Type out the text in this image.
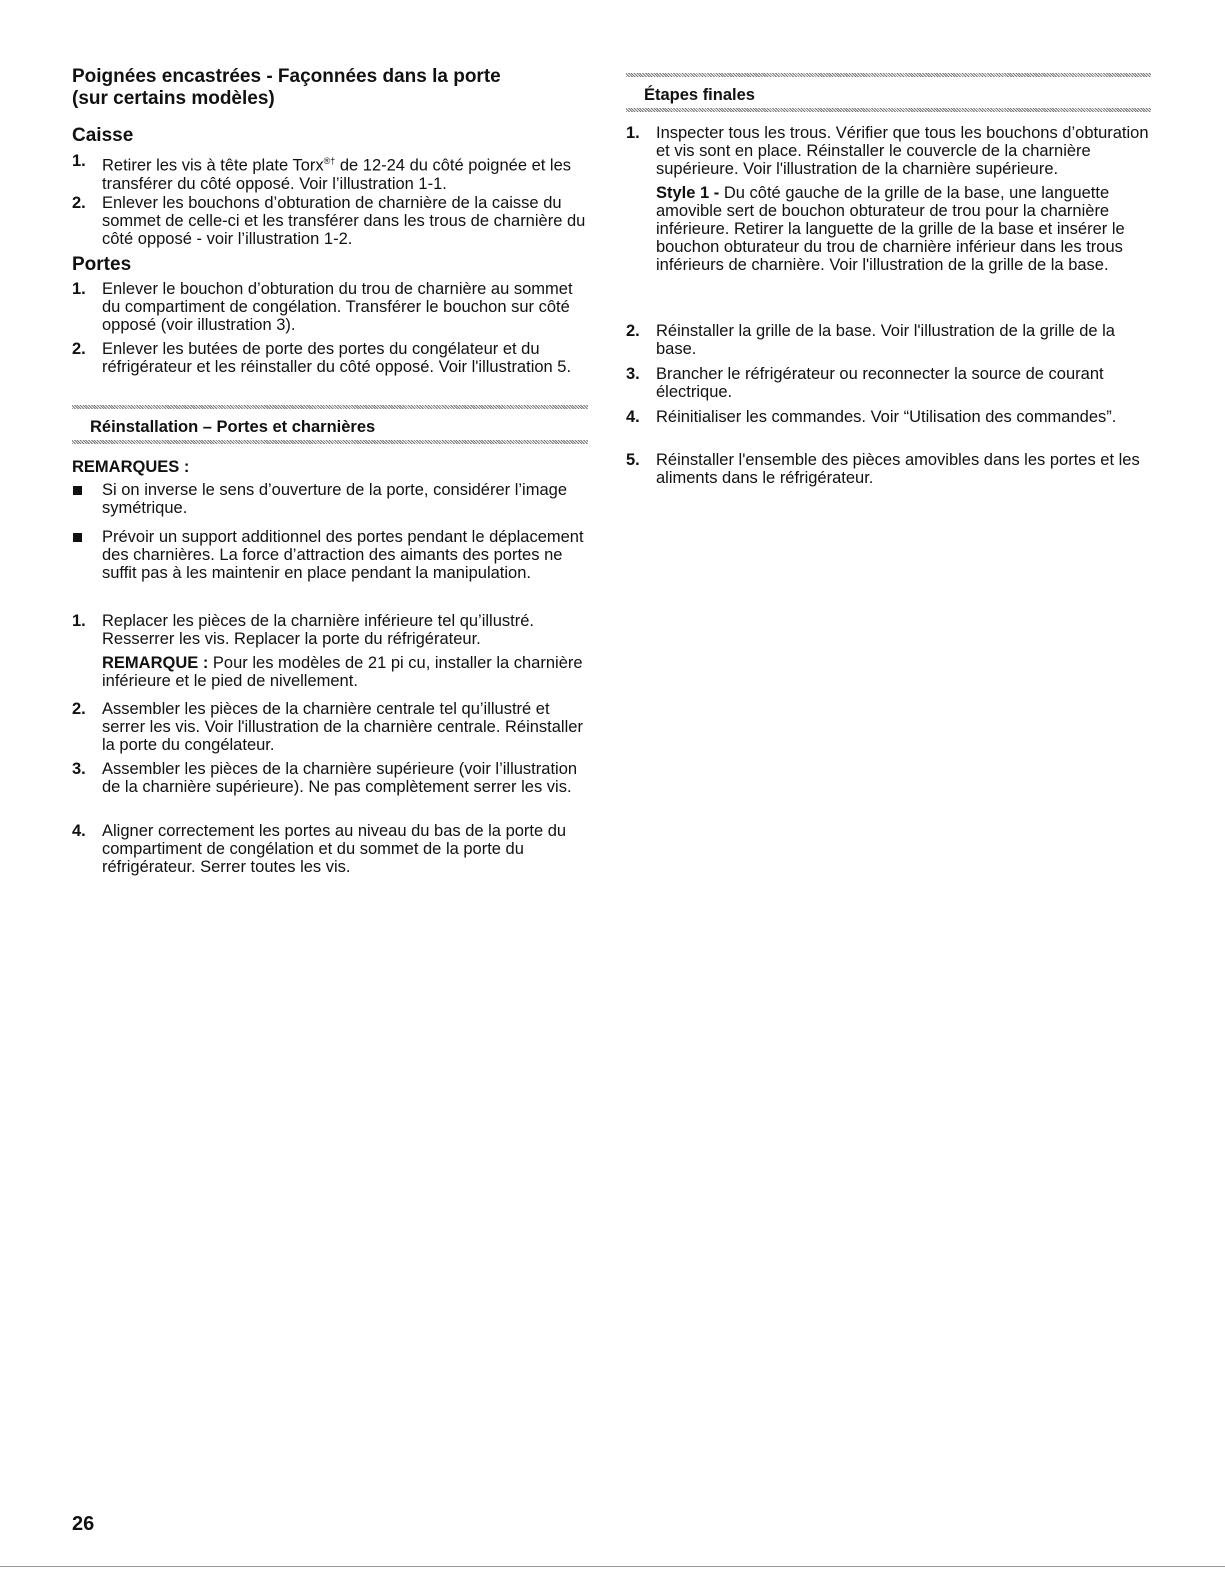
Poignées encastrées - Façonnées dans la porte
(sur certains modèles)
Caisse
1. Retirer les vis à tête plate Torx®† de 12-24 du côté poignée et les transférer du côté opposé. Voir l’illustration 1-1.

2. Enlever les bouchons d’obturation de charnière de la caisse du sommet de celle-ci et les transférer dans les trous de charnière du côté opposé - voir l’illustration 1-2.

Portes
1. Enlever le bouchon d’obturation du trou de charnière au sommet du compartiment de congélation. Transférer le bouchon sur côté opposé (voir illustration 3).

2. Enlever les butées de porte des portes du congélateur et du réfrigérateur et les réinstaller du côté opposé. Voir l'illustration 5.

Réinstallation – Portes et charnières
REMARQUES :

Si on inverse le sens d’ouverture de la porte, considérer l’image symétrique.

Prévoir un support additionnel des portes pendant le déplacement des charnières. La force d’attraction des aimants des portes ne suffit pas à les maintenir en place pendant la manipulation.

1. Replacer les pièces de la charnière inférieure tel qu’illustré. Resserrer les vis. Replacer la porte du réfrigérateur.

REMARQUE : Pour les modèles de 21 pi cu, installer la charnière inférieure et le pied de nivellement.

2. Assembler les pièces de la charnière centrale tel qu’illustré et serrer les vis. Voir l'illustration de la charnière centrale. Réinstaller la porte du congélateur.

3. Assembler les pièces de la charnière supérieure (voir l’illustration de la charnière supérieure). Ne pas complètement serrer les vis.

4. Aligner correctement les portes au niveau du bas de la porte du compartiment de congélation et du sommet de la porte du réfrigérateur. Serrer toutes les vis.

Étapes finales
1. Inspecter tous les trous. Vérifier que tous les bouchons d’obturation et vis sont en place. Réinstaller le couvercle de la charnière supérieure. Voir l'illustration de la charnière supérieure.

Style 1 - Du côté gauche de la grille de la base, une languette amovible sert de bouchon obturateur de trou pour la charnière inférieure. Retirer la languette de la grille de la base et insérer le bouchon obturateur du trou de charnière inférieur dans les trous inférieurs de charnière. Voir l'illustration de la grille de la base.

2. Réinstaller la grille de la base. Voir l'illustration de la grille de la base.

3. Brancher le réfrigérateur ou reconnecter la source de courant électrique.

4. Réinitialiser les commandes. Voir “Utilisation des commandes”.

5. Réinstaller l'ensemble des pièces amovibles dans les portes et les aliments dans le réfrigérateur.

26
